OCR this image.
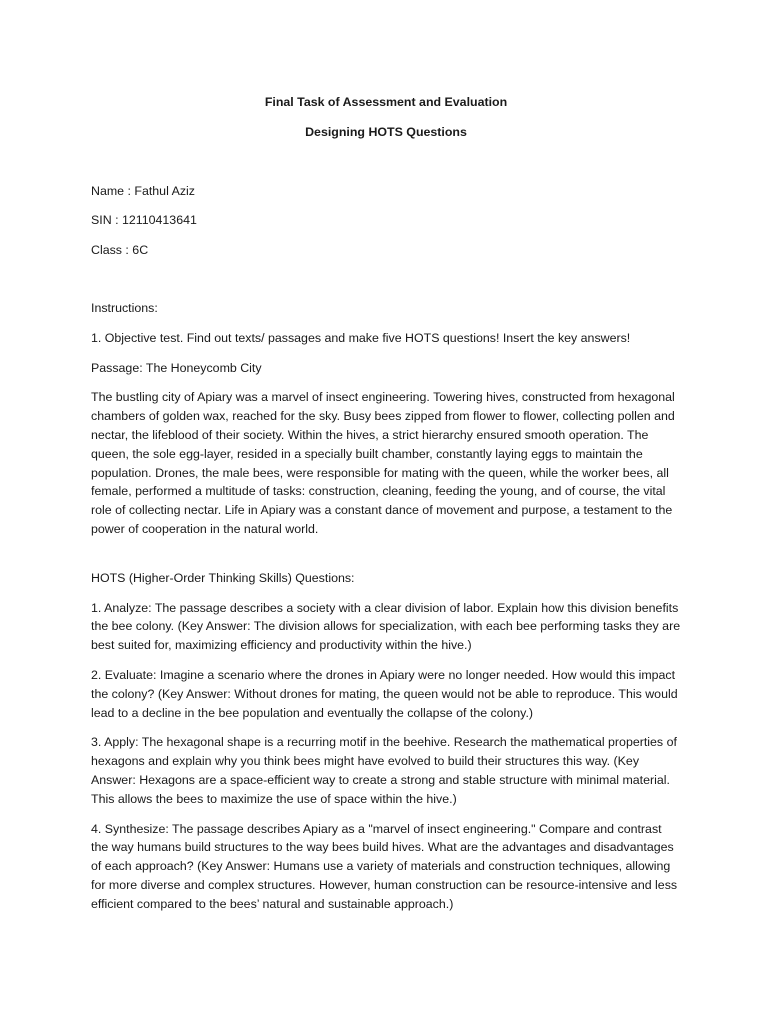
Final Task of Assessment and Evaluation
Designing HOTS Questions

Name : Fathul Aziz

SIN : 12110413641

Class : 6C

Instructions:

1. Objective test. Find out texts/ passages and make five HOTS questions! Insert the key answers!

Passage: The Honeycomb City

The bustling city of Apiary was a marvel of insect engineering. Towering hives, constructed from hexagonal chambers of golden wax, reached for the sky. Busy bees zipped from flower to flower, collecting pollen and nectar, the lifeblood of their society. Within the hives, a strict hierarchy ensured smooth operation. The queen, the sole egg-layer, resided in a specially built chamber, constantly laying eggs to maintain the population. Drones, the male bees, were responsible for mating with the queen, while the worker bees, all female, performed a multitude of tasks: construction, cleaning, feeding the young, and of course, the vital role of collecting nectar. Life in Apiary was a constant dance of movement and purpose, a testament to the power of cooperation in the natural world.

HOTS (Higher-Order Thinking Skills) Questions:

1. Analyze: The passage describes a society with a clear division of labor. Explain how this division benefits the bee colony. (Key Answer: The division allows for specialization, with each bee performing tasks they are best suited for, maximizing efficiency and productivity within the hive.)

2. Evaluate: Imagine a scenario where the drones in Apiary were no longer needed. How would this impact the colony? (Key Answer: Without drones for mating, the queen would not be able to reproduce. This would lead to a decline in the bee population and eventually the collapse of the colony.)

3. Apply: The hexagonal shape is a recurring motif in the beehive. Research the mathematical properties of hexagons and explain why you think bees might have evolved to build their structures this way. (Key Answer: Hexagons are a space-efficient way to create a strong and stable structure with minimal material. This allows the bees to maximize the use of space within the hive.)

4. Synthesize: The passage describes Apiary as a "marvel of insect engineering." Compare and contrast the way humans build structures to the way bees build hives. What are the advantages and disadvantages of each approach? (Key Answer: Humans use a variety of materials and construction techniques, allowing for more diverse and complex structures. However, human construction can be resource-intensive and less efficient compared to the bees’ natural and sustainable approach.)
